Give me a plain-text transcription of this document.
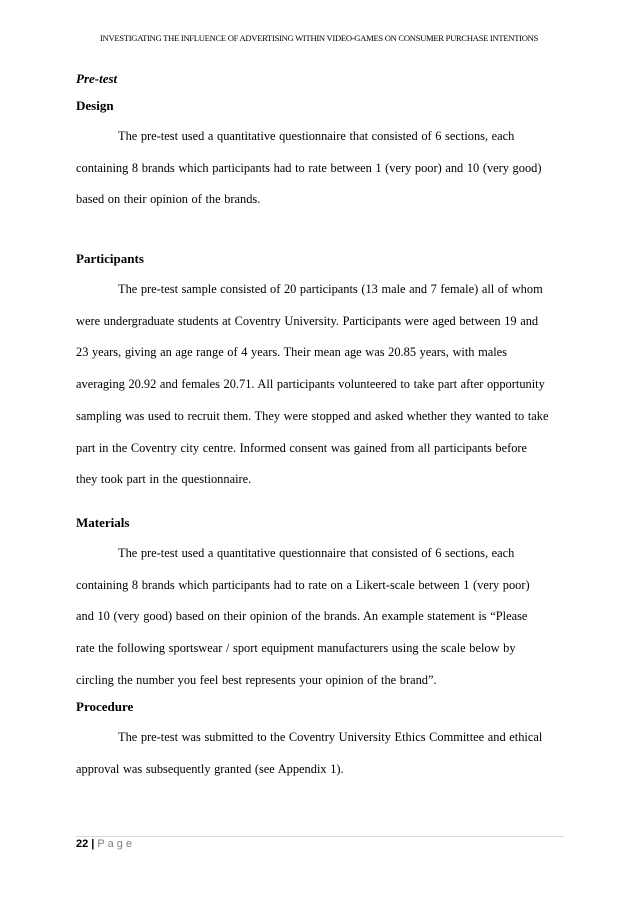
INVESTIGATING THE INFLUENCE OF ADVERTISING WITHIN VIDEO-GAMES ON CONSUMER PURCHASE INTENTIONS

Pre-test

Design

The pre-test used a quantitative questionnaire that consisted of 6 sections, each
containing 8 brands which participants had to rate between 1 (very poor) and 10 (very good)
based on their opinion of the brands.

Participants

The pre-test sample consisted of 20 participants (13 male and 7 female) all of whom
were undergraduate students at Coventry University. Participants were aged between 19 and
23 years, giving an age range of 4 years. Their mean age was 20.85 years, with males
averaging 20.92 and females 20.71. All participants volunteered to take part after opportunity
sampling was used to recruit them. They were stopped and asked whether they wanted to take
part in the Coventry city centre. Informed consent was gained from all participants before
they took part in the questionnaire.

Materials

The pre-test used a quantitative questionnaire that consisted of 6 sections, each
containing 8 brands which participants had to rate on a Likert-scale between 1 (very poor)
and 10 (very good) based on their opinion of the brands. An example statement is “Please
rate the following sportswear / sport equipment manufacturers using the scale below by
circling the number you feel best represents your opinion of the brand”.

Procedure

The pre-test was submitted to the Coventry University Ethics Committee and ethical
approval was subsequently granted (see Appendix 1).
22 | Page
